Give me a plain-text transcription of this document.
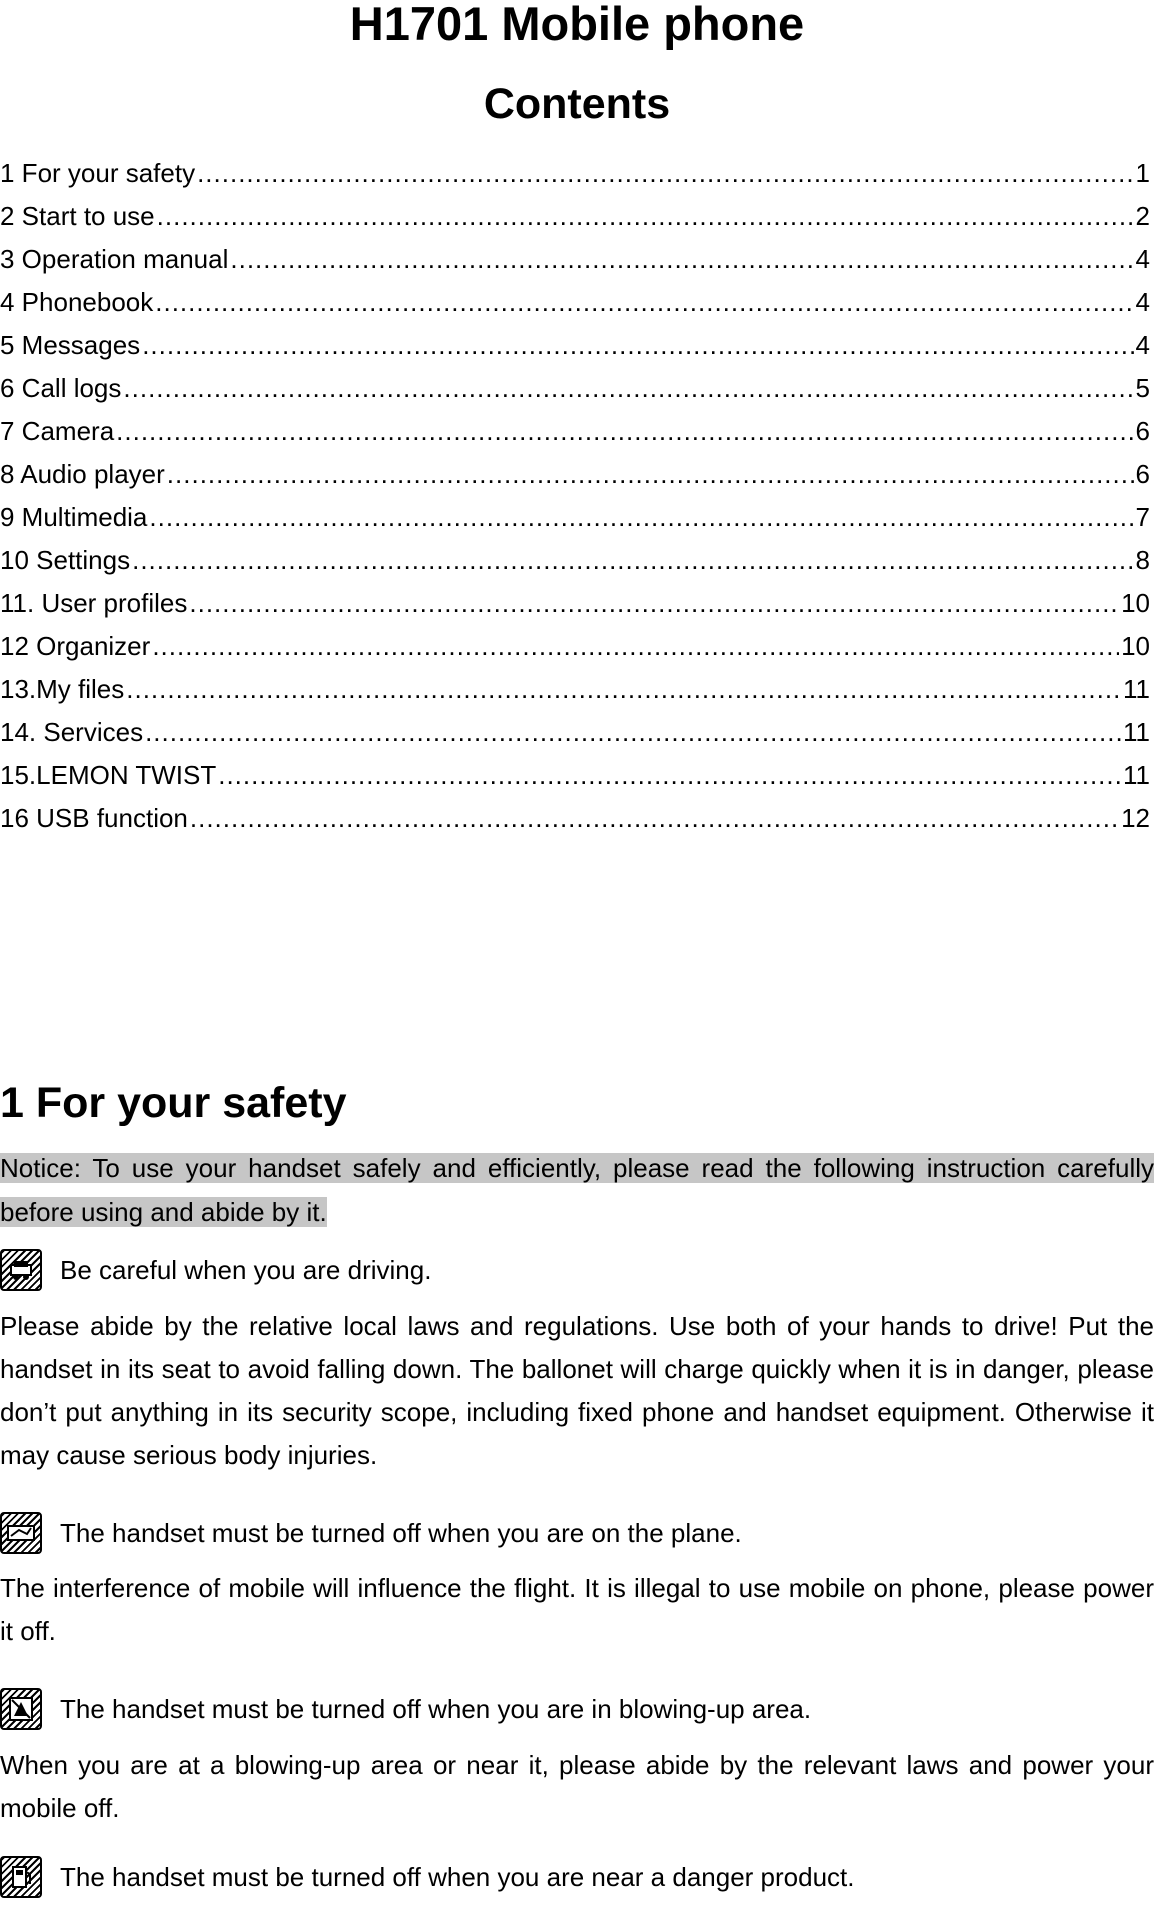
H1701 Mobile phone
Contents
1 For your safety .....	1
2 Start to use .....	2
3 Operation manual .....	4
4 Phonebook .....	4
5 Messages .....	4
6 Call logs .....	5
7 Camera .....	6
8 Audio player .....	6
9 Multimedia .....	7
10 Settings .....	8
11. User profiles .....	10
12 Organizer .....	10
13.My files .....	11
14. Services .....	11
15.LEMON TWIST .....	11
16 USB function .....	12
1 For your safety
Notice: To use your handset safely and efficiently, please read the following instruction carefully before using and abide by it.
Be careful when you are driving.
Please abide by the relative local laws and regulations. Use both of your hands to drive! Put the handset in its seat to avoid falling down. The ballonet will charge quickly when it is in danger, please don’t put anything in its security scope, including fixed phone and handset equipment. Otherwise it may cause serious body injuries.
The handset must be turned off when you are on the plane.
The interference of mobile will influence the flight. It is illegal to use mobile on phone, please power it off.
The handset must be turned off when you are in blowing-up area.
When you are at a blowing-up area or near it, please abide by the relevant laws and power your mobile off.
The handset must be turned off when you are near a danger product.
